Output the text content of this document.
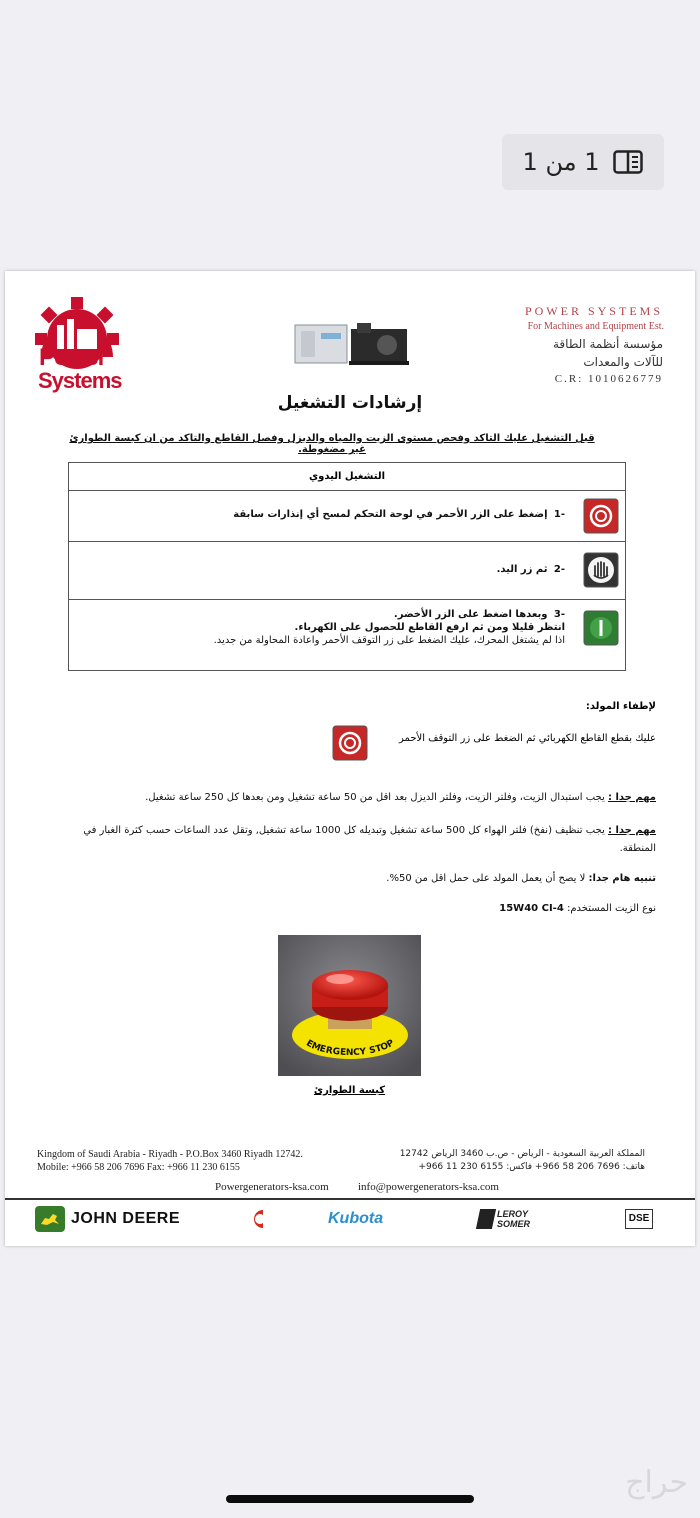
1 من 1
Power
Systems
POWER SYSTEMS
For Machines and Equipment Est.
مؤسسة أنظمة الطاقة
للآلات والمعدات
C.R: 1010626779
إرشادات التشغيل
قبل التشغيل عليك التاكد وفحص مستوى الزيت والمياه والديزل وفصل القاطع والتاكد من ان كبسة الطوارئ غير مضغوطة.
التشغيل اليدوي
-1  إضغط على الزر الأحمر في لوحة التحكم لمسح أي إنذارات سابقة
-2  ثم زر اليد.
-3  وبعدها اضغط على الزر الأخضر.
انتظر قليلا ومن ثم ارفع القاطع للحصول على الكهرباء.
اذا لم يشتغل المحرك، عليك الضغط على زر التوقف الأحمر واعادة المحاولة من جديد.
لإطفاء المولد:
عليك بقطع القاطع الكهربائي ثم الضغط على زر التوقف الأحمر
مهم جدا : يجب استبدال الزيت، وفلتر الزيت، وفلتر الديزل بعد اقل من 50 ساعة تشغيل ومن بعدها كل 250 ساعة تشغيل.
مهم جدا : يجب تنظيف (نفخ) فلتر الهواء كل 500 ساعة تشغيل وتبديله كل 1000 ساعة تشغيل, وتقل عدد الساعات حسب كثرة الغبار في المنطقة.
تنبيه هام جدا: لا يصح أن يعمل المولد على حمل اقل من 50%.
نوع الزيت المستخدم: 15W40 CI-4
EMERGENCY STOP
كبسة الطوارئ
Kingdom of Saudi Arabia - Riyadh - P.O.Box 3460 Riyadh 12742.
Mobile: +966 58 206 7696 Fax: +966 11 230 6155
المملكة العربية السعودية - الرياض - ص.ب 3460 الرياض 12742
هاتف: 7696 206 58 966+ فاكس: 6155 230 11 966+
Powergenerators-ksa.com	info@powergenerators-ksa.com
JOHN DEERE	Kubota	LEROY
SOMER	DSE
حراج
